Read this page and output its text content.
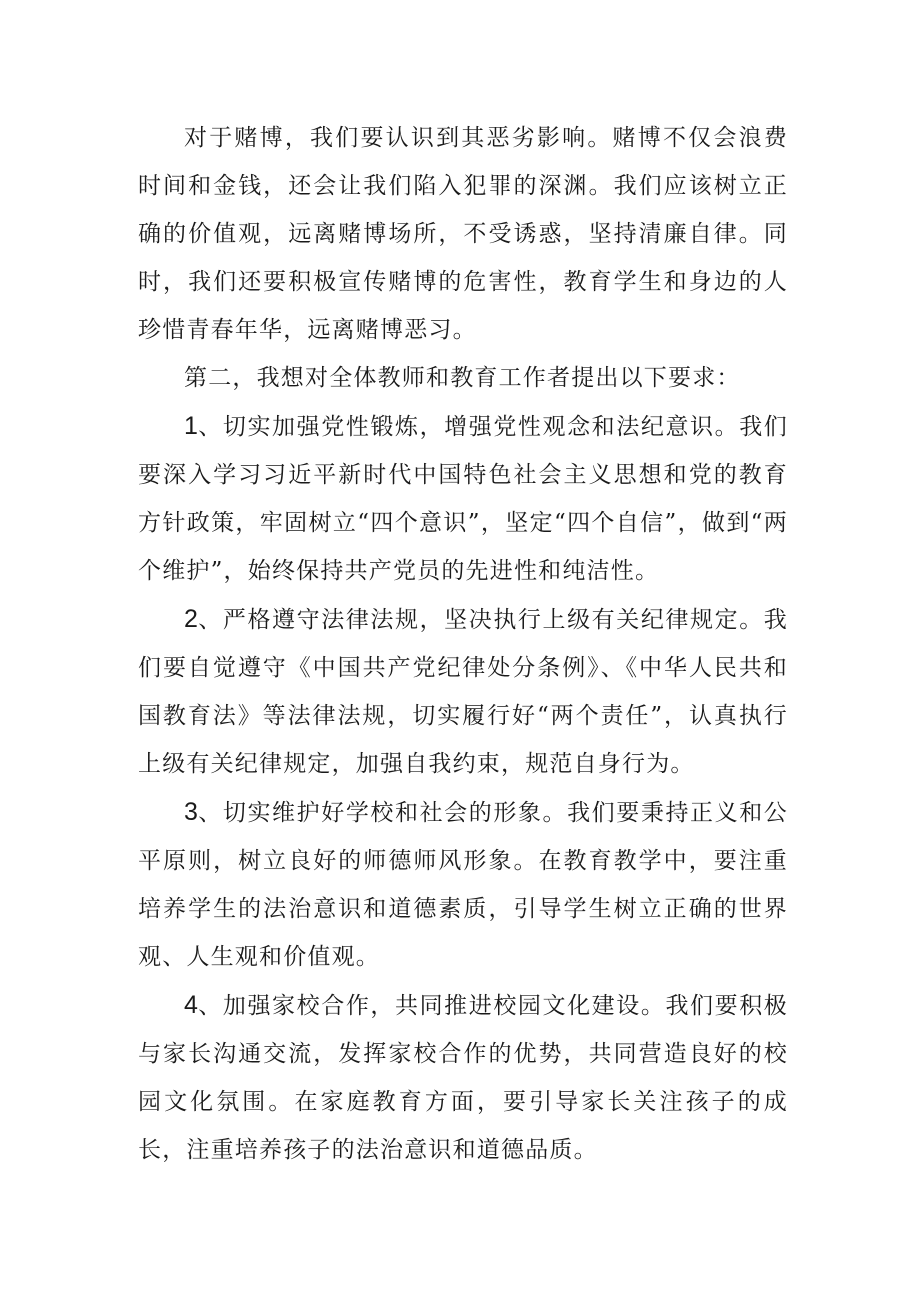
对于赌博，我们要认识到其恶劣影响。赌博不仅会浪费时间和金钱，还会让我们陷入犯罪的深渊。我们应该树立正确的价值观，远离赌博场所，不受诱惑，坚持清廉自律。同时，我们还要积极宣传赌博的危害性，教育学生和身边的人珍惜青春年华，远离赌博恶习。

第二，我想对全体教师和教育工作者提出以下要求：

1、切实加强党性锻炼，增强党性观念和法纪意识。我们要深入学习习近平新时代中国特色社会主义思想和党的教育方针政策，牢固树立“四个意识”，坚定“四个自信”，做到“两个维护”，始终保持共产党员的先进性和纯洁性。

2、严格遵守法律法规，坚决执行上级有关纪律规定。我们要自觉遵守《中国共产党纪律处分条例》、《中华人民共和国教育法》等法律法规，切实履行好“两个责任”，认真执行上级有关纪律规定，加强自我约束，规范自身行为。

3、切实维护好学校和社会的形象。我们要秉持正义和公平原则，树立良好的师德师风形象。在教育教学中，要注重培养学生的法治意识和道德素质，引导学生树立正确的世界观、人生观和价值观。

4、加强家校合作，共同推进校园文化建设。我们要积极与家长沟通交流，发挥家校合作的优势，共同营造良好的校园文化氛围。在家庭教育方面，要引导家长关注孩子的成长，注重培养孩子的法治意识和道德品质。
